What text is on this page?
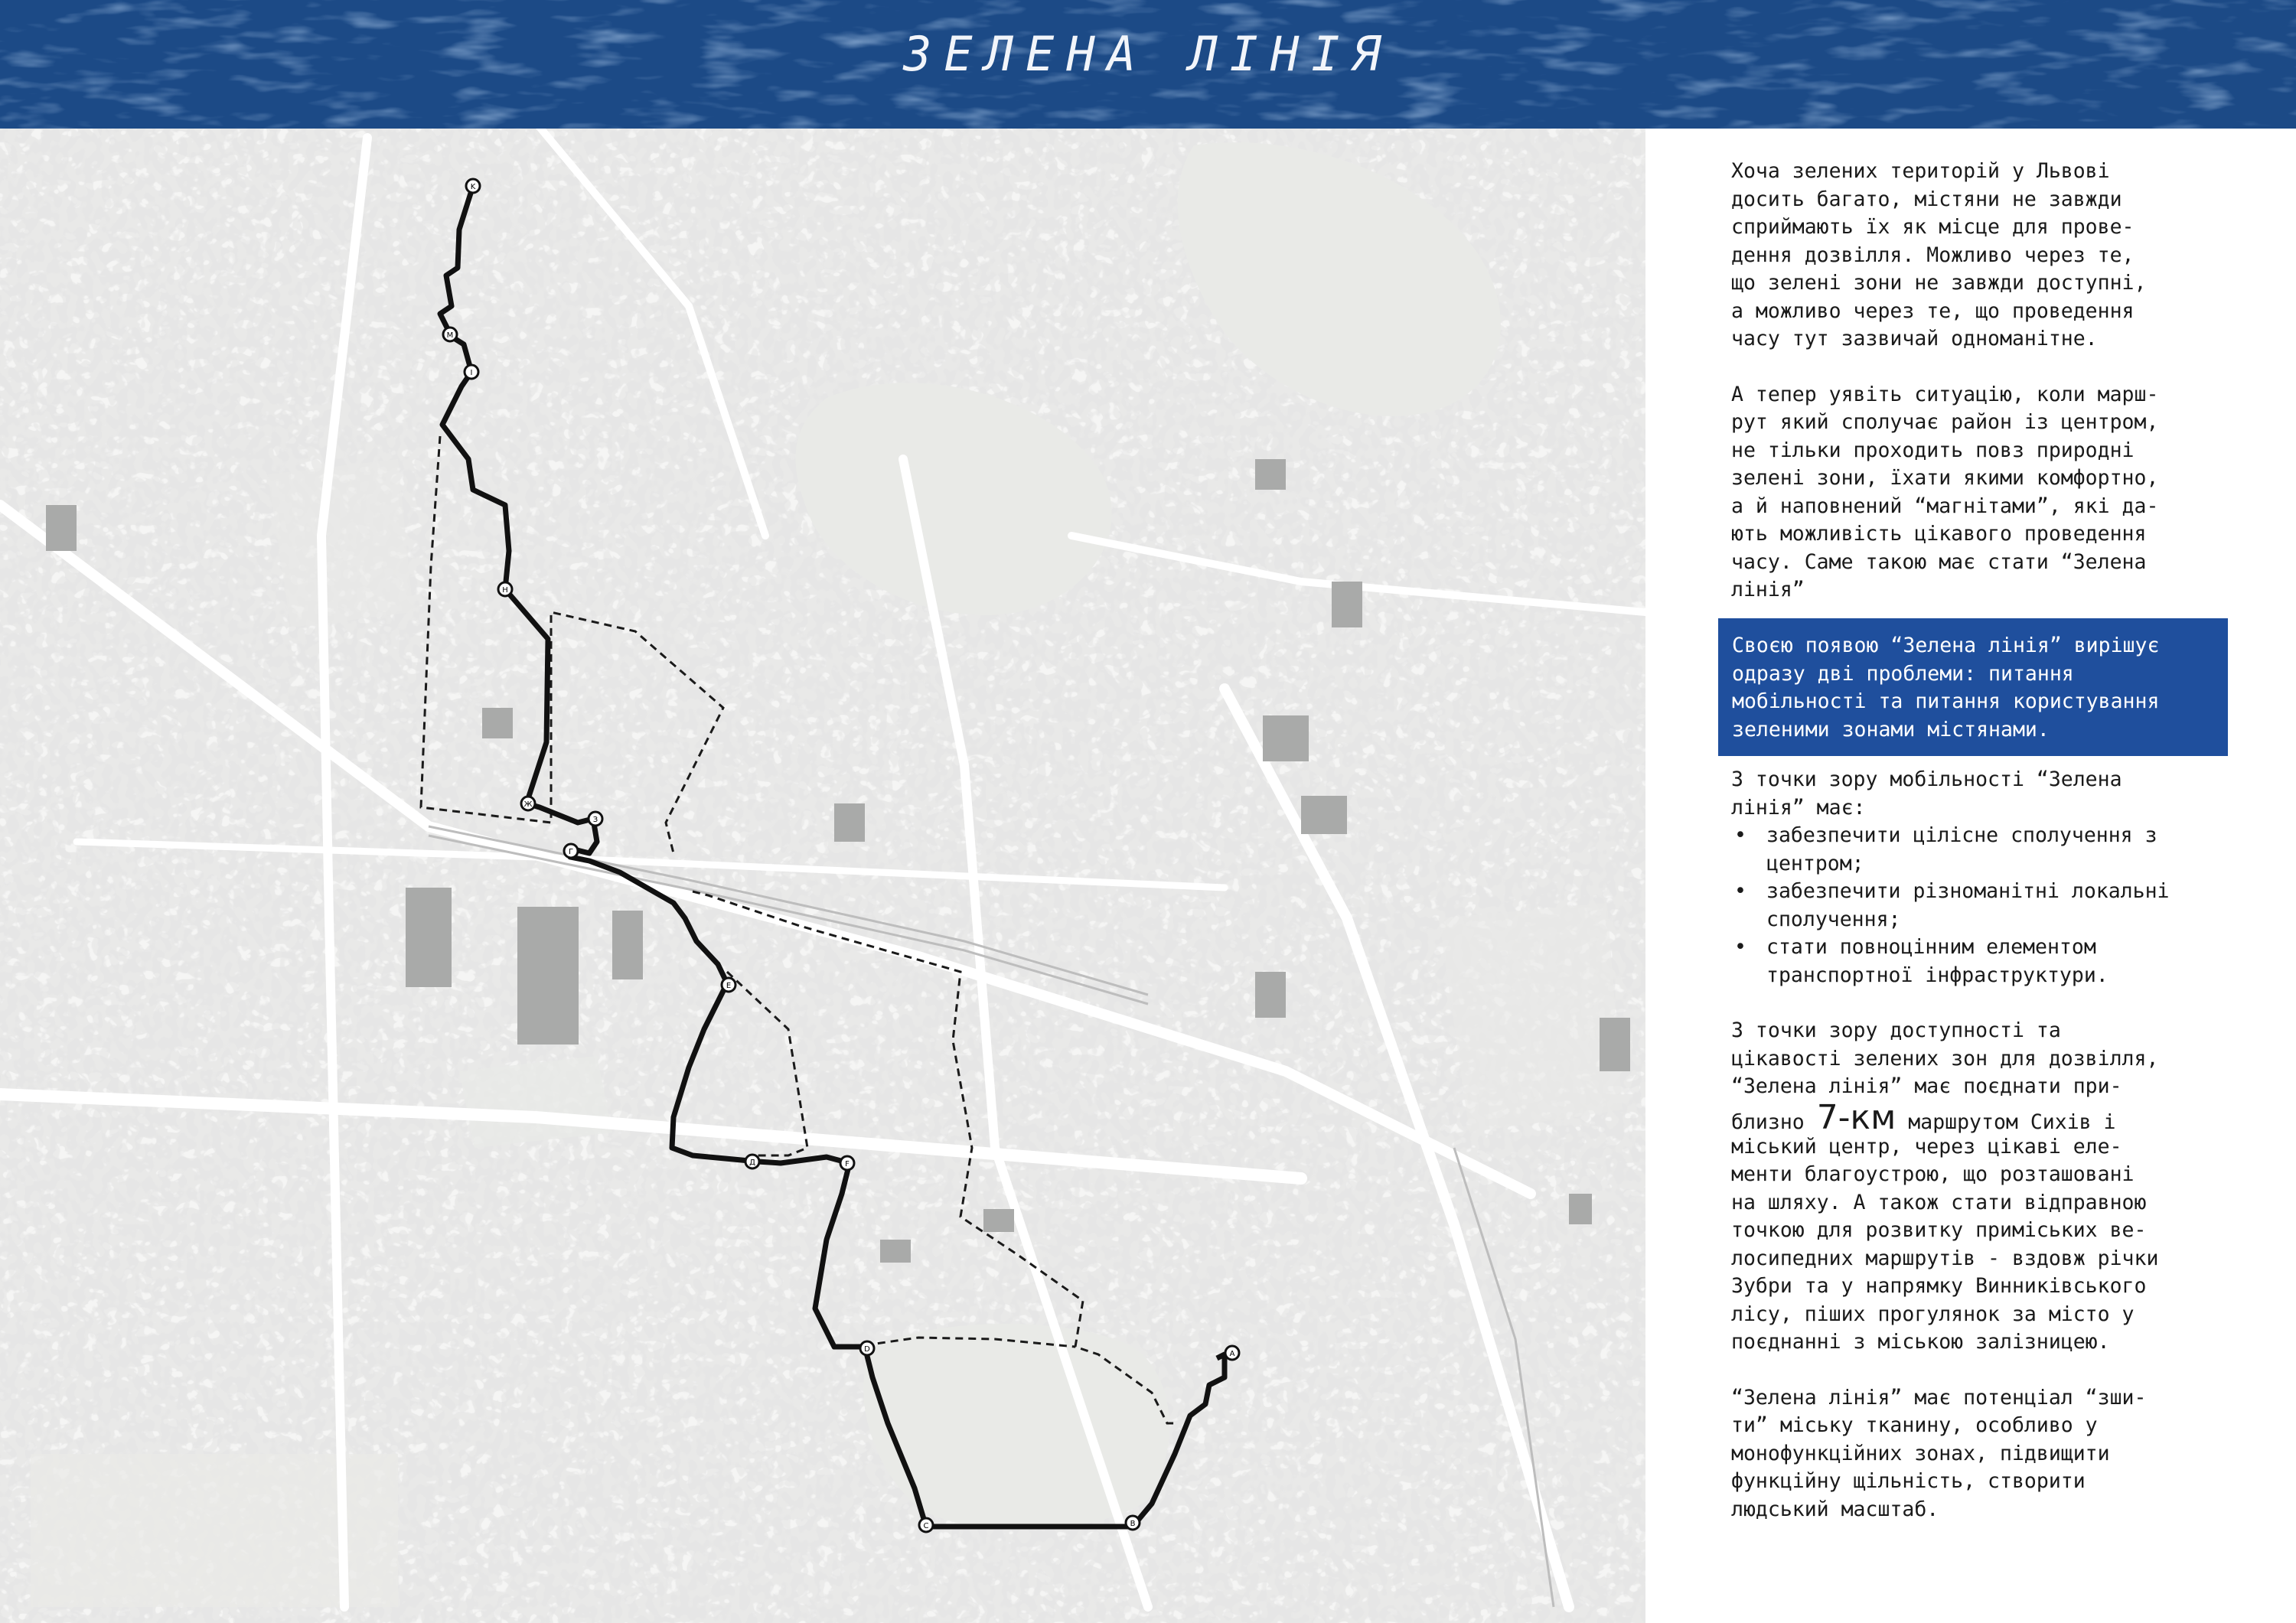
ЗЕЛЕНА ЛІНІЯ
K
М
І
Н
Ж
З
Г
Е
Д	F
D
C	B
A

Хоча зелених територій у Львові
досить багато, містяни не завжди
сприймають їх як місце для прове-
дення дозвілля. Можливо через те,
що зелені зони не завжди доступні,
а можливо через те, що проведення
часу тут зазвичай одноманітне.

А тепер уявіть ситуацію, коли марш-
рут який сполучає район із центром,
не тільки проходить повз природні
зелені зони, їхати якими комфортно,
а й наповнений “магнітами”, які да-
ють можливість цікавого проведення
часу. Саме такою має стати “Зелена
лінія”

Своєю появою “Зелена лінія” вирішує
одразу дві проблеми: питання
мобільності та питання користування
зеленими зонами містянами.

З точки зору мобільності “Зелена
лінія” має:

• забезпечити цілісне сполучення з
центром;
• забезпечити різноманітні локальні
сполучення;
• стати повноцінним елементом
транспортної інфраструктури.

З точки зору доступності та
цікавості зелених зон для дозвілля,
“Зелена лінія” має поєднати при-

близно 7-км маршрутом Сихів і

міський центр, через цікаві еле-
менти благоустрою, що розташовані
на шляху. А також стати відправною
точкою для розвитку приміських ве-
лосипедних маршрутів - вздовж річки
Зубри та у напрямку Винниківського
лісу, піших прогулянок за місто у
поєднанні з міською залізницею.

“Зелена лінія” має потенціал “зши-
ти” міську тканину, особливо у
монофункційних зонах, підвищити
функційну щільність, створити
людський масштаб.
